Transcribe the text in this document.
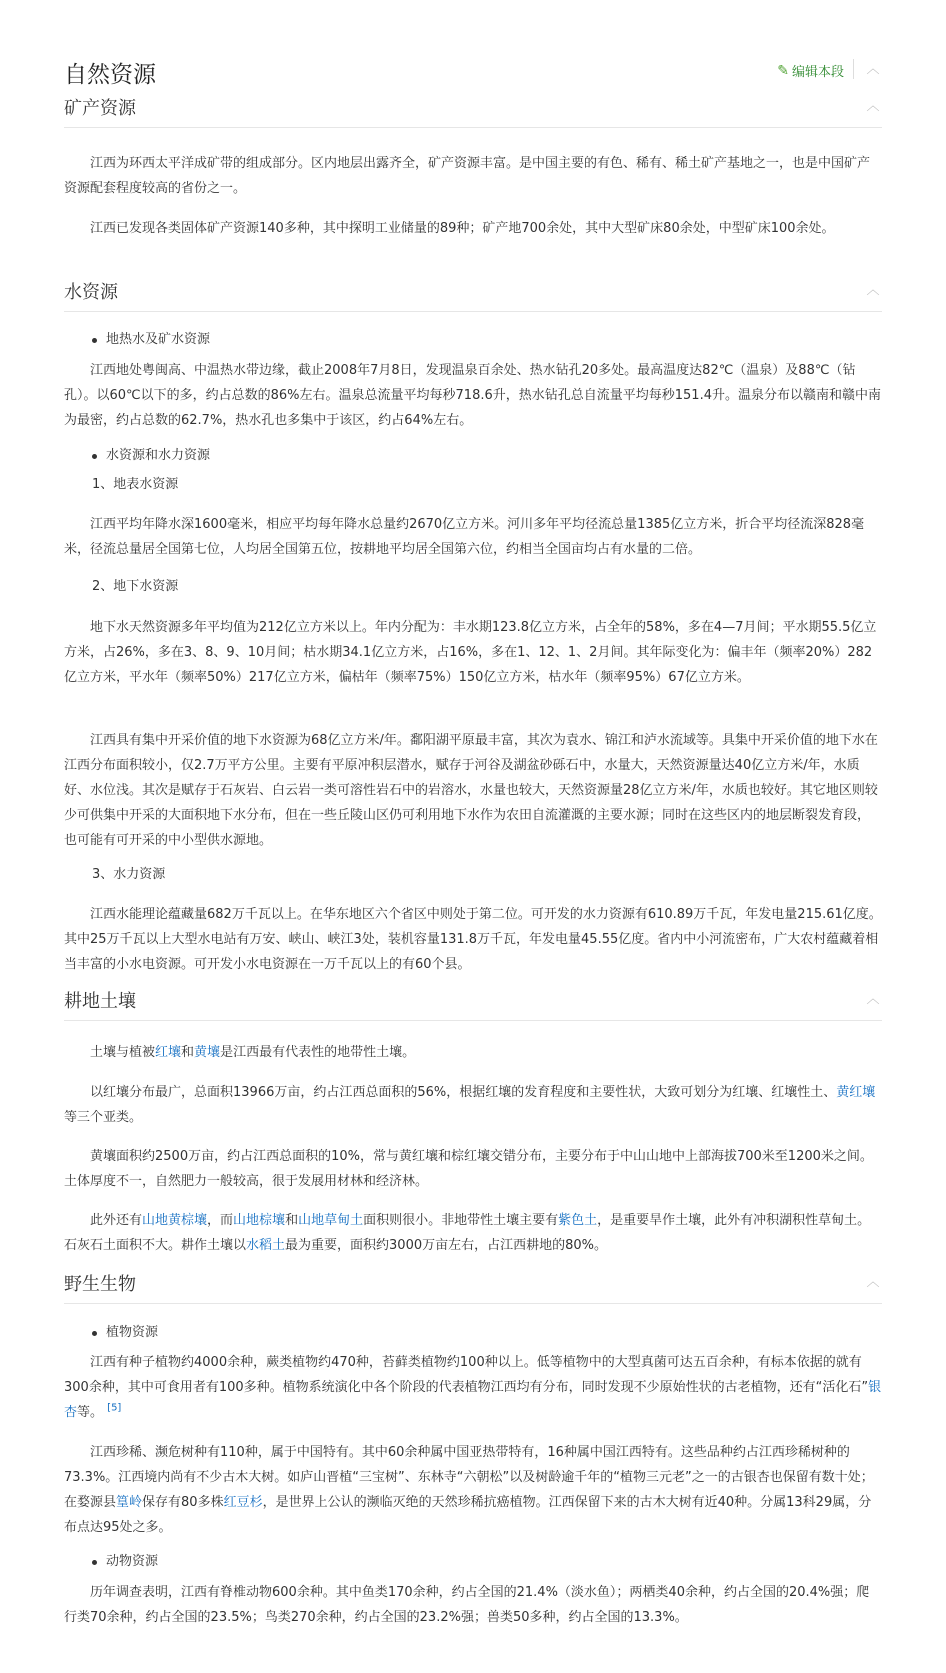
自然资源	✎ 编辑本段 ︿
矿产资源	︿

江西为环西太平洋成矿带的组成部分。区内地层出露齐全，矿产资源丰富。是中国主要的有色、稀有、稀土矿产基地之一，也是中国矿产资源配套程度较高的省份之一。

江西已发现各类固体矿产资源140多种，其中探明工业储量的89种；矿产地700余处，其中大型矿床80余处，中型矿床100余处。

水资源	︿
地热水及矿水资源

江西地处粤闽高、中温热水带边缘，截止2008年7月8日，发现温泉百余处、热水钻孔20多处。最高温度达82℃（温泉）及88℃（钻孔）。以60℃以下的多，约占总数的86%左右。温泉总流量平均每秒718.6升，热水钻孔总自流量平均每秒151.4升。温泉分布以赣南和赣中南为最密，约占总数的62.7%，热水孔也多集中于该区，约占64%左右。

水资源和水力资源
1、地表水资源

江西平均年降水深1600毫米，相应平均每年降水总量约2670亿立方米。河川多年平均径流总量1385亿立方米，折合平均径流深828毫米，径流总量居全国第七位，人均居全国第五位，按耕地平均居全国第六位，约相当全国亩均占有水量的二倍。

2、地下水资源

地下水天然资源多年平均值为212亿立方米以上。年内分配为：丰水期123.8亿立方米，占全年的58%，多在4—7月间；平水期55.5亿立方米，占26%，多在3、8、9、10月间；枯水期34.1亿立方米，占16%，多在1、12、1、2月间。其年际变化为：偏丰年（频率20%）282亿立方米，平水年（频率50%）217亿立方米，偏枯年（频率75%）150亿立方米，枯水年（频率95%）67亿立方米。

江西具有集中开采价值的地下水资源为68亿立方米/年。鄱阳湖平原最丰富，其次为袁水、锦江和泸水流域等。具集中开采价值的地下水在江西分布面积较小，仅2.7万平方公里。主要有平原冲积层潜水，赋存于河谷及湖盆砂砾石中，水量大，天然资源量达40亿立方米/年，水质好、水位浅。其次是赋存于石灰岩、白云岩一类可溶性岩石中的岩溶水，水量也较大，天然资源量28亿立方米/年，水质也较好。其它地区则较少可供集中开采的大面积地下水分布，但在一些丘陵山区仍可利用地下水作为农田自流灌溉的主要水源；同时在这些区内的地层断裂发育段，也可能有可开采的中小型供水源地。

3、水力资源

江西水能理论蕴藏量682万千瓦以上。在华东地区六个省区中则处于第二位。可开发的水力资源有610.89万千瓦，年发电量215.61亿度。其中25万千瓦以上大型水电站有万安、峡山、峡江3处，装机容量131.8万千瓦，年发电量45.55亿度。省内中小河流密布，广大农村蕴藏着相当丰富的小水电资源。可开发小水电资源在一万千瓦以上的有60个县。

耕地土壤	︿

土壤与植被红壤和黄壤是江西最有代表性的地带性土壤。

以红壤分布最广，总面积13966万亩，约占江西总面积的56%，根据红壤的发育程度和主要性状，大致可划分为红壤、红壤性土、黄红壤等三个亚类。

黄壤面积约2500万亩，约占江西总面积的10%，常与黄红壤和棕红壤交错分布，主要分布于中山山地中上部海拔700米至1200米之间。土体厚度不一，自然肥力一般较高，很于发展用材林和经济林。

此外还有山地黄棕壤，而山地棕壤和山地草甸土面积则很小。非地带性土壤主要有紫色土，是重要旱作土壤，此外有冲积湖积性草甸土。石灰石土面积不大。耕作土壤以水稻土最为重要，面积约3000万亩左右，占江西耕地的80%。

野生生物	︿
植物资源

江西有种子植物约4000余种，蕨类植物约470种，苔藓类植物约100种以上。低等植物中的大型真菌可达五百余种，有标本依据的就有300余种，其中可食用者有100多种。植物系统演化中各个阶段的代表植物江西均有分布，同时发现不少原始性状的古老植物，还有“活化石”银杏等。 [5]

江西珍稀、濒危树种有110种，属于中国特有。其中60余种属中国亚热带特有，16种属中国江西特有。这些品种约占江西珍稀树种的73.3%。江西境内尚有不少古木大树。如庐山晋植“三宝树”、东林寺“六朝松”以及树龄逾千年的“植物三元老”之一的古银杏也保留有数十处；在婺源县篁岭保存有80多株红豆杉，是世界上公认的濒临灭绝的天然珍稀抗癌植物。江西保留下来的古木大树有近40种。分属13科29属，分布点达95处之多。

动物资源

历年调查表明，江西有脊椎动物600余种。其中鱼类170余种，约占全国的21.4%（淡水鱼）；两栖类40余种，约占全国的20.4%强；爬行类70余种，约占全国的23.5%；鸟类270余种，约占全国的23.2%强；兽类50多种，约占全国的13.3%。
